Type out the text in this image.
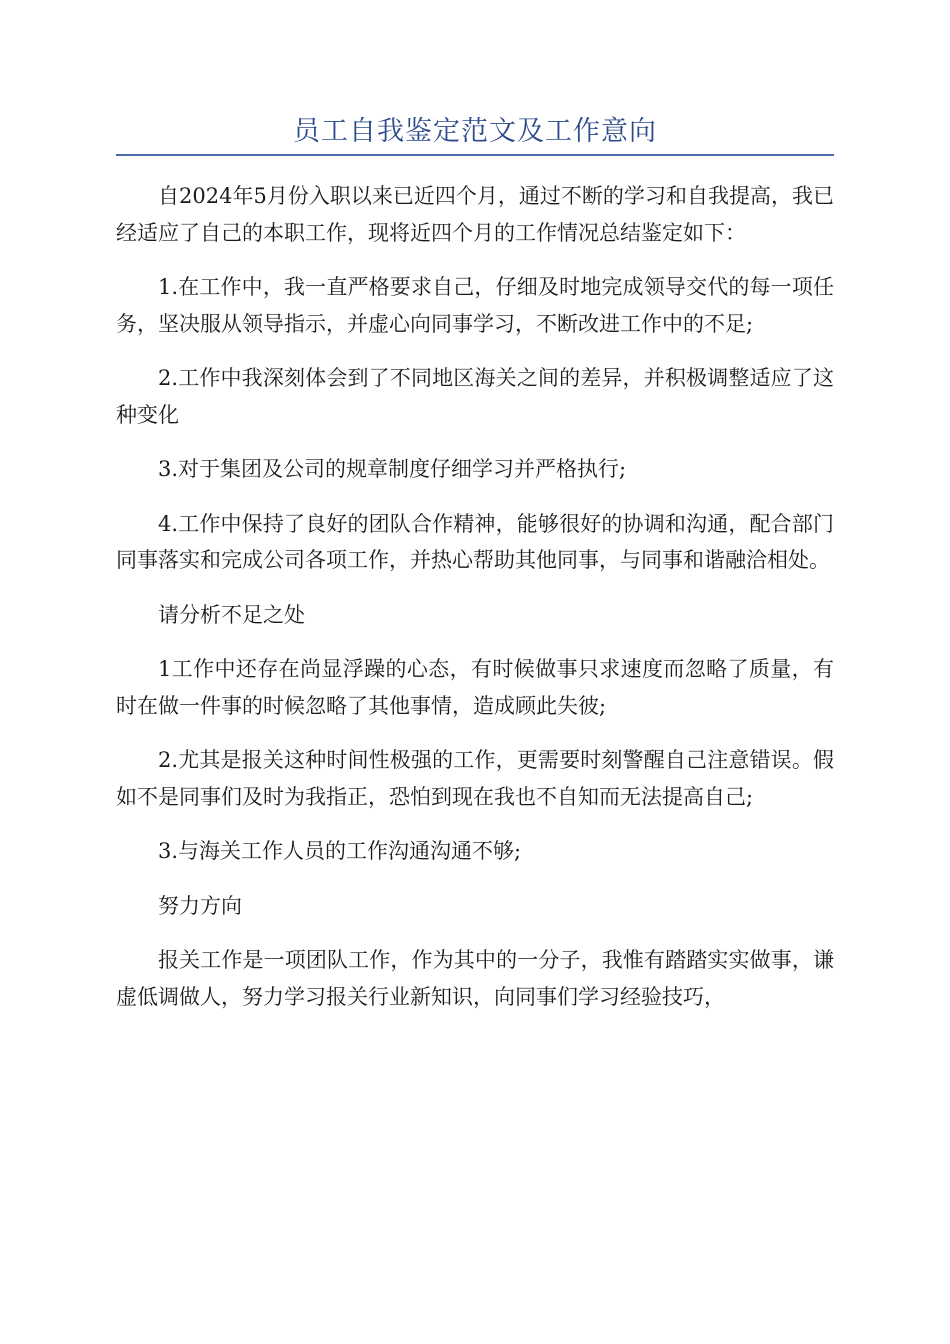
员工自我鉴定范文及工作意向

自2024年5月份入职以来已近四个月，通过不断的学习和自我提高，我已经适应了自己的本职工作，现将近四个月的工作情况总结鉴定如下：

1.在工作中，我一直严格要求自己，仔细及时地完成领导交代的每一项任务，坚决服从领导指示，并虚心向同事学习，不断改进工作中的不足;

2.工作中我深刻体会到了不同地区海关之间的差异，并积极调整适应了这种变化

3.对于集团及公司的规章制度仔细学习并严格执行;

4.工作中保持了良好的团队合作精神，能够很好的协调和沟通，配合部门同事落实和完成公司各项工作，并热心帮助其他同事，与同事和谐融洽相处。

请分析不足之处

1工作中还存在尚显浮躁的心态，有时候做事只求速度而忽略了质量，有时在做一件事的时候忽略了其他事情，造成顾此失彼;

2.尤其是报关这种时间性极强的工作，更需要时刻警醒自己注意错误。假如不是同事们及时为我指正，恐怕到现在我也不自知而无法提高自己;

3.与海关工作人员的工作沟通沟通不够;

努力方向

报关工作是一项团队工作，作为其中的一分子，我惟有踏踏实实做事，谦虚低调做人，努力学习报关行业新知识，向同事们学习经验技巧，
